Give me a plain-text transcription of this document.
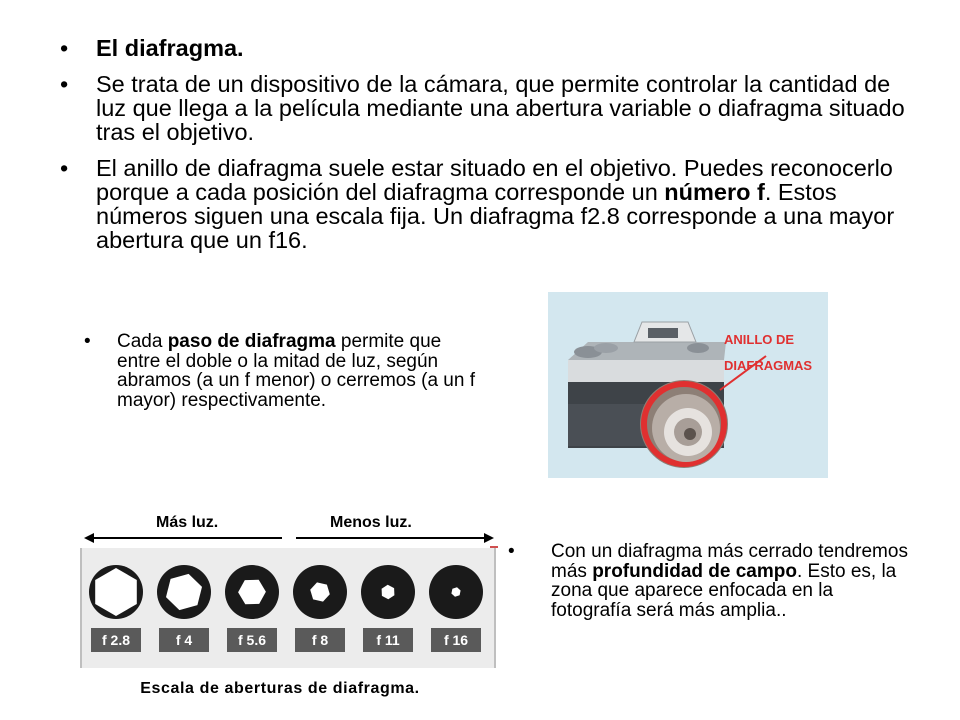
• El diafragma.
• Se trata de un dispositivo de la cámara, que permite controlar la cantidad de luz que llega a la película mediante una abertura variable o diafragma situado tras el objetivo.
• El anillo de diafragma suele estar situado en el objetivo. Puedes reconocerlo porque a cada posición del diafragma corresponde un número f. Estos números siguen una escala fija. Un diafragma f2.8 corresponde a una mayor abertura que un f16.
•	Cada paso de diafragma permite que entre el doble o la mitad de luz, según abramos (a un f menor) o cerremos (a un f mayor) respectivamente.
ANILLO DE
DIAFRAGMAS
Más luz.	Menos luz.
f 2.8	f 4	f 5.6	f 8	f 11	f 16
Escala de aberturas de diafragma.
•	Con un diafragma más cerrado tendremos más profundidad de campo. Esto es, la zona que aparece enfocada en la fotografía será más amplia..
